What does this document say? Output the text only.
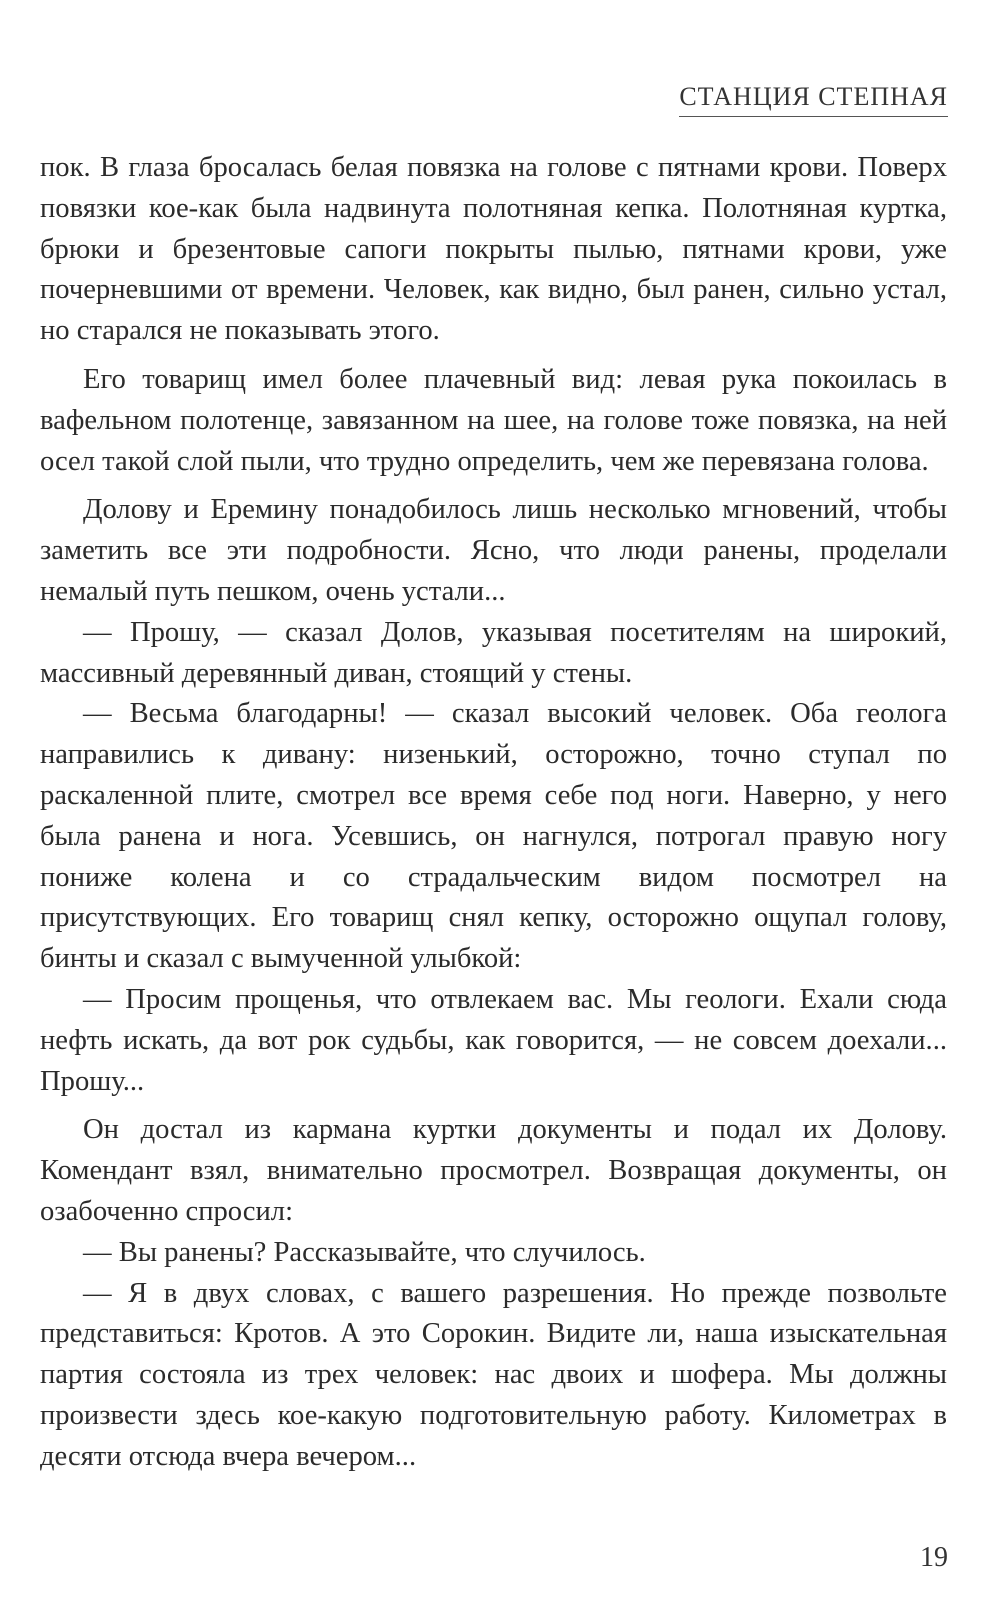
СТАНЦИЯ СТЕПНАЯ

пок. В глаза бросалась белая повязка на голове с пятнами крови. Поверх повязки кое-как была надвинута полотняная кепка. Полотняная куртка, брюки и брезентовые сапоги покрыты пылью, пятнами крови, уже почерневшими от времени. Человек, как видно, был ранен, сильно устал, но старался не показывать этого.

Его товарищ имел более плачевный вид: левая рука покоилась в вафельном полотенце, завязанном на шее, на голове тоже повязка, на ней осел такой слой пыли, что трудно определить, чем же перевязана голова.

Долову и Еремину понадобилось лишь несколько мгновений, чтобы заметить все эти подробности. Ясно, что люди ранены, проделали немалый путь пешком, очень устали...

— Прошу, — сказал Долов, указывая посетителям на широкий, массивный деревянный диван, стоящий у стены.

— Весьма благодарны! — сказал высокий человек. Оба геолога направились к дивану: низенький, осторожно, точно ступал по раскаленной плите, смотрел все время себе под ноги. Наверно, у него была ранена и нога. Усевшись, он нагнулся, потрогал правую ногу пониже колена и со страдальческим видом посмотрел на присутствующих. Его товарищ снял кепку, осторожно ощупал голову, бинты и сказал с вымученной улыбкой:

— Просим прощенья, что отвлекаем вас. Мы геологи. Ехали сюда нефть искать, да вот рок судьбы, как говорится, — не совсем доехали... Прошу...

Он достал из кармана куртки документы и подал их Долову. Комендант взял, внимательно просмотрел. Возвращая документы, он озабоченно спросил:

— Вы ранены? Рассказывайте, что случилось.

— Я в двух словах, с вашего разрешения. Но прежде позвольте представиться: Кротов. А это Сорокин. Видите ли, наша изыскательная партия состояла из трех человек: нас двоих и шофера. Мы должны произвести здесь кое-какую подготовительную работу. Километрах в десяти отсюда вчера вечером...

19
